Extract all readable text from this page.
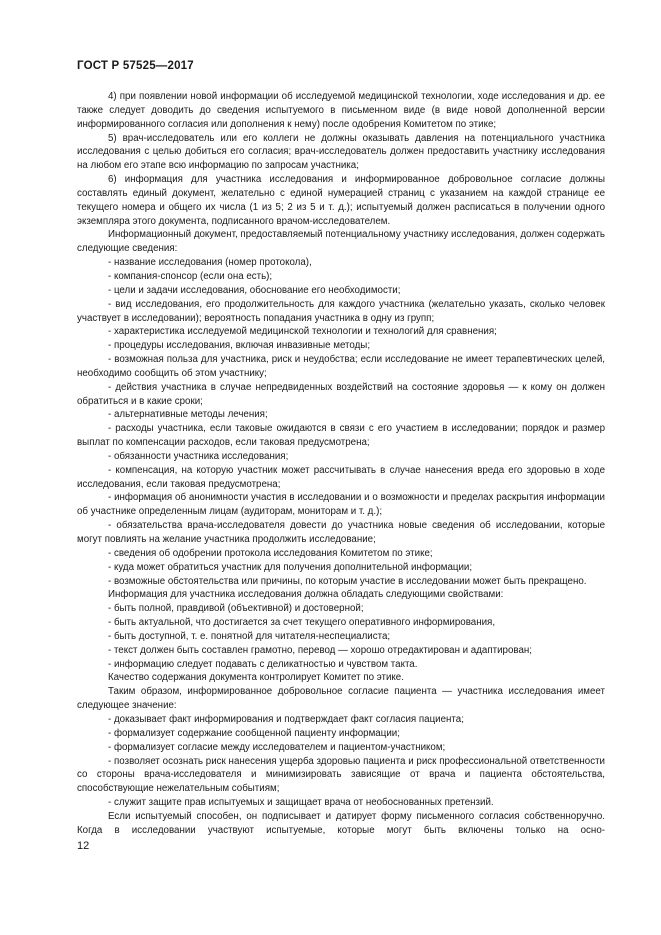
ГОСТ Р 57525—2017

4) при появлении новой информации об исследуемой медицинской технологии, ходе исследования и др. ее также следует доводить до сведения испытуемого в письменном виде (в виде новой дополненной версии информированного согласия или дополнения к нему) после одобрения Комитетом по этике;

5) врач-исследователь или его коллеги не должны оказывать давления на потенциального участника исследования с целью добиться его согласия; врач-исследователь должен предоставить участнику исследования на любом его этапе всю информацию по запросам участника;

6) информация для участника исследования и информированное добровольное согласие должны составлять единый документ, желательно с единой нумерацией страниц с указанием на каждой странице ее текущего номера и общего их числа (1 из 5; 2 из 5 и т. д.); испытуемый должен расписаться в получении одного экземпляра этого документа, подписанного врачом-исследователем.

Информационный документ, предоставляемый потенциальному участнику исследования, должен содержать следующие сведения:

- название исследования (номер протокола),

- компания-спонсор (если она есть);

- цели и задачи исследования, обоснование его необходимости;

- вид исследования, его продолжительность для каждого участника (желательно указать, сколько человек участвует в исследовании); вероятность попадания участника в одну из групп;

- характеристика исследуемой медицинской технологии и технологий для сравнения;

- процедуры исследования, включая инвазивные методы;

- возможная польза для участника, риск и неудобства; если исследование не имеет терапевтических целей, необходимо сообщить об этом участнику;

- действия участника в случае непредвиденных воздействий на состояние здоровья — к кому он должен обратиться и в какие сроки;

- альтернативные методы лечения;

- расходы участника, если таковые ожидаются в связи с его участием в исследовании; порядок и размер выплат по компенсации расходов, если таковая предусмотрена;

- обязанности участника исследования;

- компенсация, на которую участник может рассчитывать в случае нанесения вреда его здоровью в ходе исследования, если таковая предусмотрена;

- информация об анонимности участия в исследовании и о возможности и пределах раскрытия информации об участнике определенным лицам (аудиторам, мониторам и т. д.);

- обязательства врача-исследователя довести до участника новые сведения об исследовании, которые могут повлиять на желание участника продолжить исследование;

- сведения об одобрении протокола исследования Комитетом по этике;

- куда может обратиться участник для получения дополнительной информации;

- возможные обстоятельства или причины, по которым участие в исследовании может быть прекращено.

Информация для участника исследования должна обладать следующими свойствами:

- быть полной, правдивой (объективной) и достоверной;

- быть актуальной, что достигается за счет текущего оперативного информирования,

- быть доступной, т. е. понятной для читателя-неспециалиста;

- текст должен быть составлен грамотно, перевод — хорошо отредактирован и адаптирован;

- информацию следует подавать с деликатностью и чувством такта.

Качество содержания документа контролирует Комитет по этике.

Таким образом, информированное добровольное согласие пациента — участника исследования имеет следующее значение:

- доказывает факт информирования и подтверждает факт согласия пациента;

- формализует содержание сообщенной пациенту информации;

- формализует согласие между исследователем и пациентом-участником;

- позволяет осознать риск нанесения ущерба здоровью пациента и риск профессиональной ответственности со стороны врача-исследователя и минимизировать зависящие от врача и пациента обстоятельства, способствующие нежелательным событиям;

- служит защите прав испытуемых и защищает врача от необоснованных претензий.

Если испытуемый способен, он подписывает и датирует форму письменного согласия собственноручно. Когда в исследовании участвуют испытуемые, которые могут быть включены только на осно-

12
